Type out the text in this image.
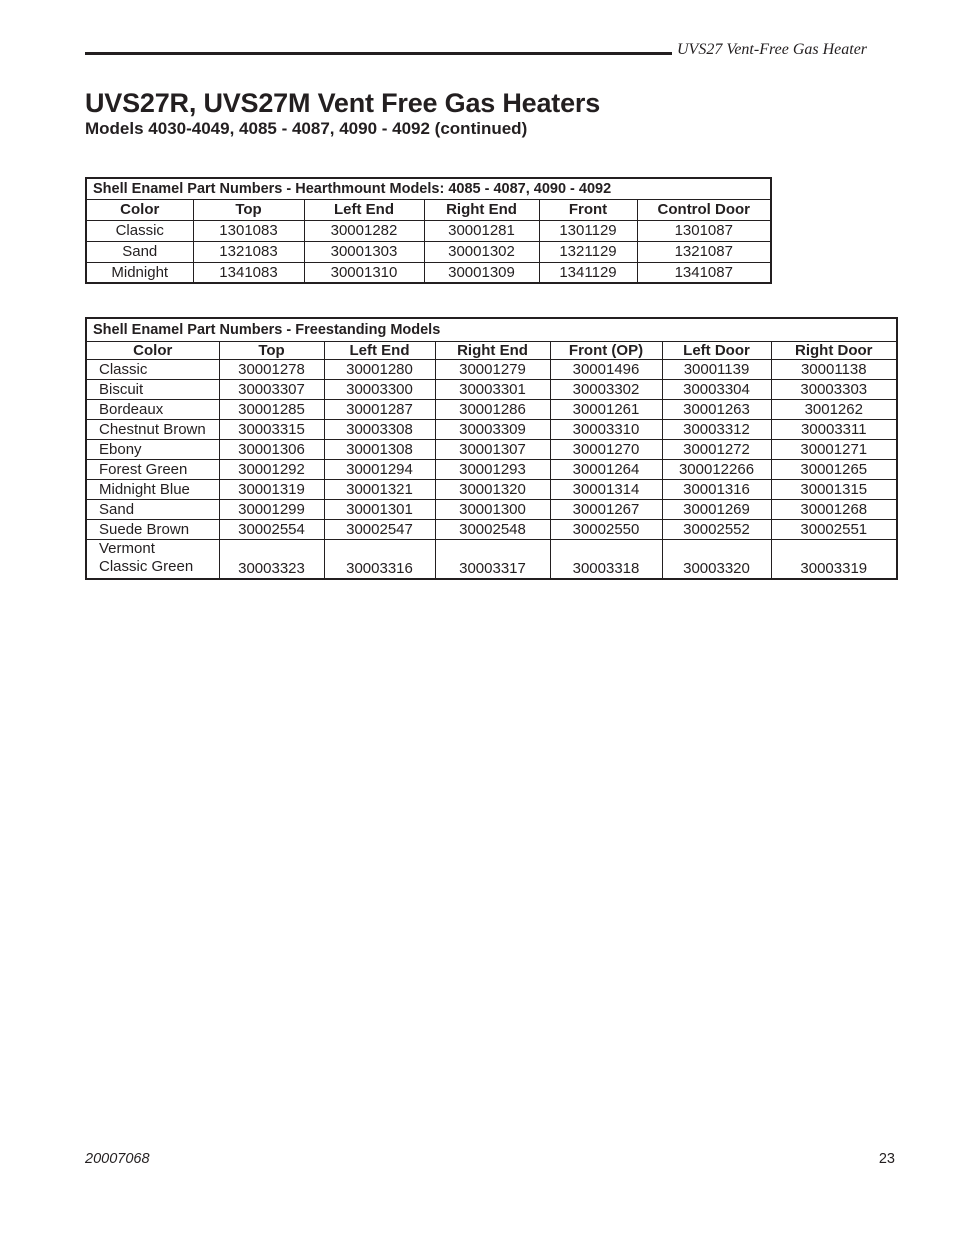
UVS27 Vent-Free Gas Heater
UVS27R, UVS27M Vent Free Gas Heaters
Models 4030-4049, 4085 - 4087, 4090 - 4092 (continued)
Shell Enamel Part Numbers - Hearthmount Models: 4085 - 4087, 4090 - 4092					
Color	Top	Left End	Right End	Front	Control Door
Classic	1301083	30001282	30001281	1301129	1301087
Sand	1321083	30001303	30001302	1321129	1321087
Midnight	1341083	30001310	30001309	1341129	1341087
Shell Enamel Part Numbers - Freestanding Models						
Color	Top	Left End	Right End	Front (OP)	Left Door	Right Door
Classic	30001278	30001280	30001279	30001496	30001139	30001138
Biscuit	30003307	30003300	30003301	30003302	30003304	30003303
Bordeaux	30001285	30001287	30001286	30001261	30001263	3001262
Chestnut Brown	30003315	30003308	30003309	30003310	30003312	30003311
Ebony	30001306	30001308	30001307	30001270	30001272	30001271
Forest Green	30001292	30001294	30001293	30001264	300012266	30001265
Midnight Blue	30001319	30001321	30001320	30001314	30001316	30001315
Sand	30001299	30001301	30001300	30001267	30001269	30001268
Suede Brown	30002554	30002547	30002548	30002550	30002552	30002551
Vermont
Classic Green	30003323	30003316	30003317	30003318	30003320	30003319
20007068	23
